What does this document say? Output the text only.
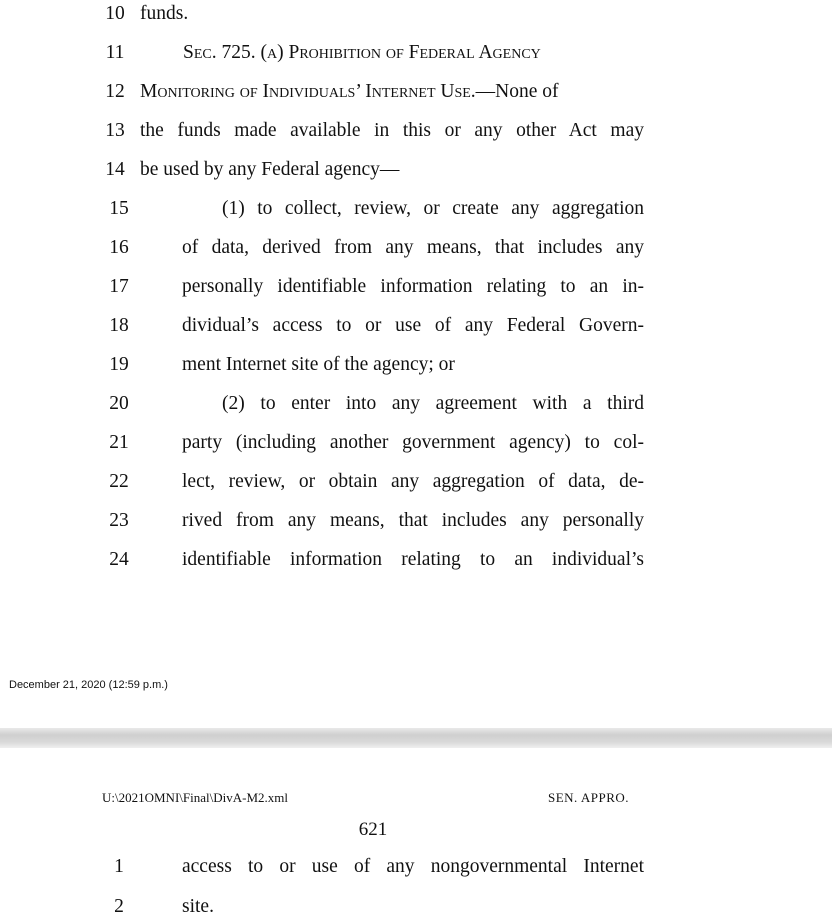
10 funds.
11	Sec. 725. (a) Prohibition of Federal Agency
12 Monitoring of Individuals’ Internet Use.—None of
13 the funds made available in this or any other Act may
14 be used by any Federal agency—
15	(1) to collect, review, or create any aggregation
16	of data, derived from any means, that includes any
17	personally identifiable information relating to an in-
18	dividual’s access to or use of any Federal Govern-
19	ment Internet site of the agency; or
20	(2) to enter into any agreement with a third
21	party (including another government agency) to col-
22	lect, review, or obtain any aggregation of data, de-
23	rived from any means, that includes any personally
24	identifiable information relating to an individual’s
December 21, 2020 (12:59 p.m.)
U:\2021OMNI\Final\DivA-M2.xml	SEN. APPRO.
621
1	access to or use of any nongovernmental Internet
2	site.
